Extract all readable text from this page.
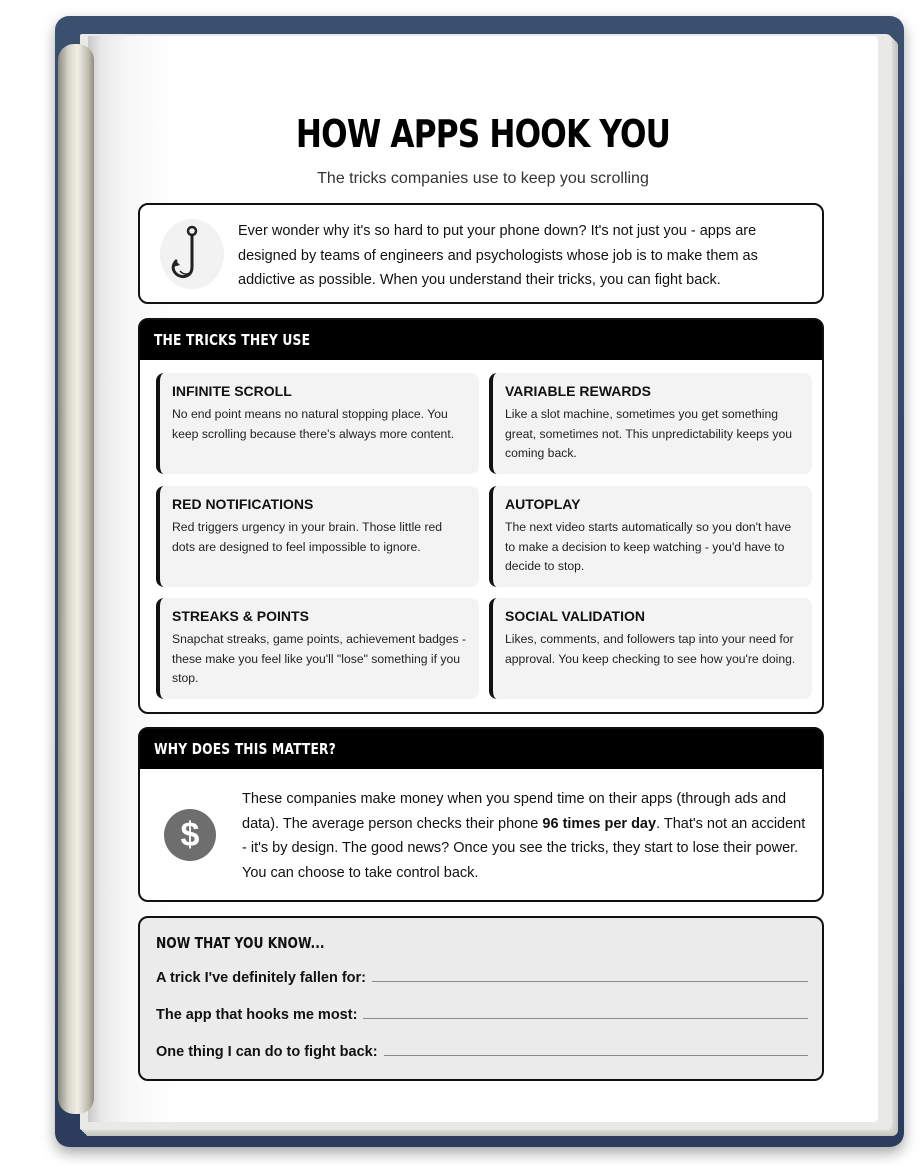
HOW APPS HOOK YOU
The tricks companies use to keep you scrolling
Ever wonder why it's so hard to put your phone down? It's not just you - apps are designed by teams of engineers and psychologists whose job is to make them as addictive as possible. When you understand their tricks, you can fight back.
THE TRICKS THEY USE
INFINITE SCROLL

No end point means no natural stopping place. You keep scrolling because there's always more content.

VARIABLE REWARDS

Like a slot machine, sometimes you get something great, sometimes not. This unpredictability keeps you coming back.

RED NOTIFICATIONS

Red triggers urgency in your brain. Those little red dots are designed to feel impossible to ignore.

AUTOPLAY

The next video starts automatically so you don't have to make a decision to keep watching - you'd have to decide to stop.

STREAKS & POINTS

Snapchat streaks, game points, achievement badges - these make you feel like you'll "lose" something if you stop.

SOCIAL VALIDATION

Likes, comments, and followers tap into your need for approval. You keep checking to see how you're doing.

WHY DOES THIS MATTER?
$
These companies make money when you spend time on their apps (through ads and data). The average person checks their phone 96 times per day. That's not an accident - it's by design. The good news? Once you see the tricks, they start to lose their power. You can choose to take control back.
NOW THAT YOU KNOW...
A trick I've definitely fallen for:
The app that hooks me most:
One thing I can do to fight back:
